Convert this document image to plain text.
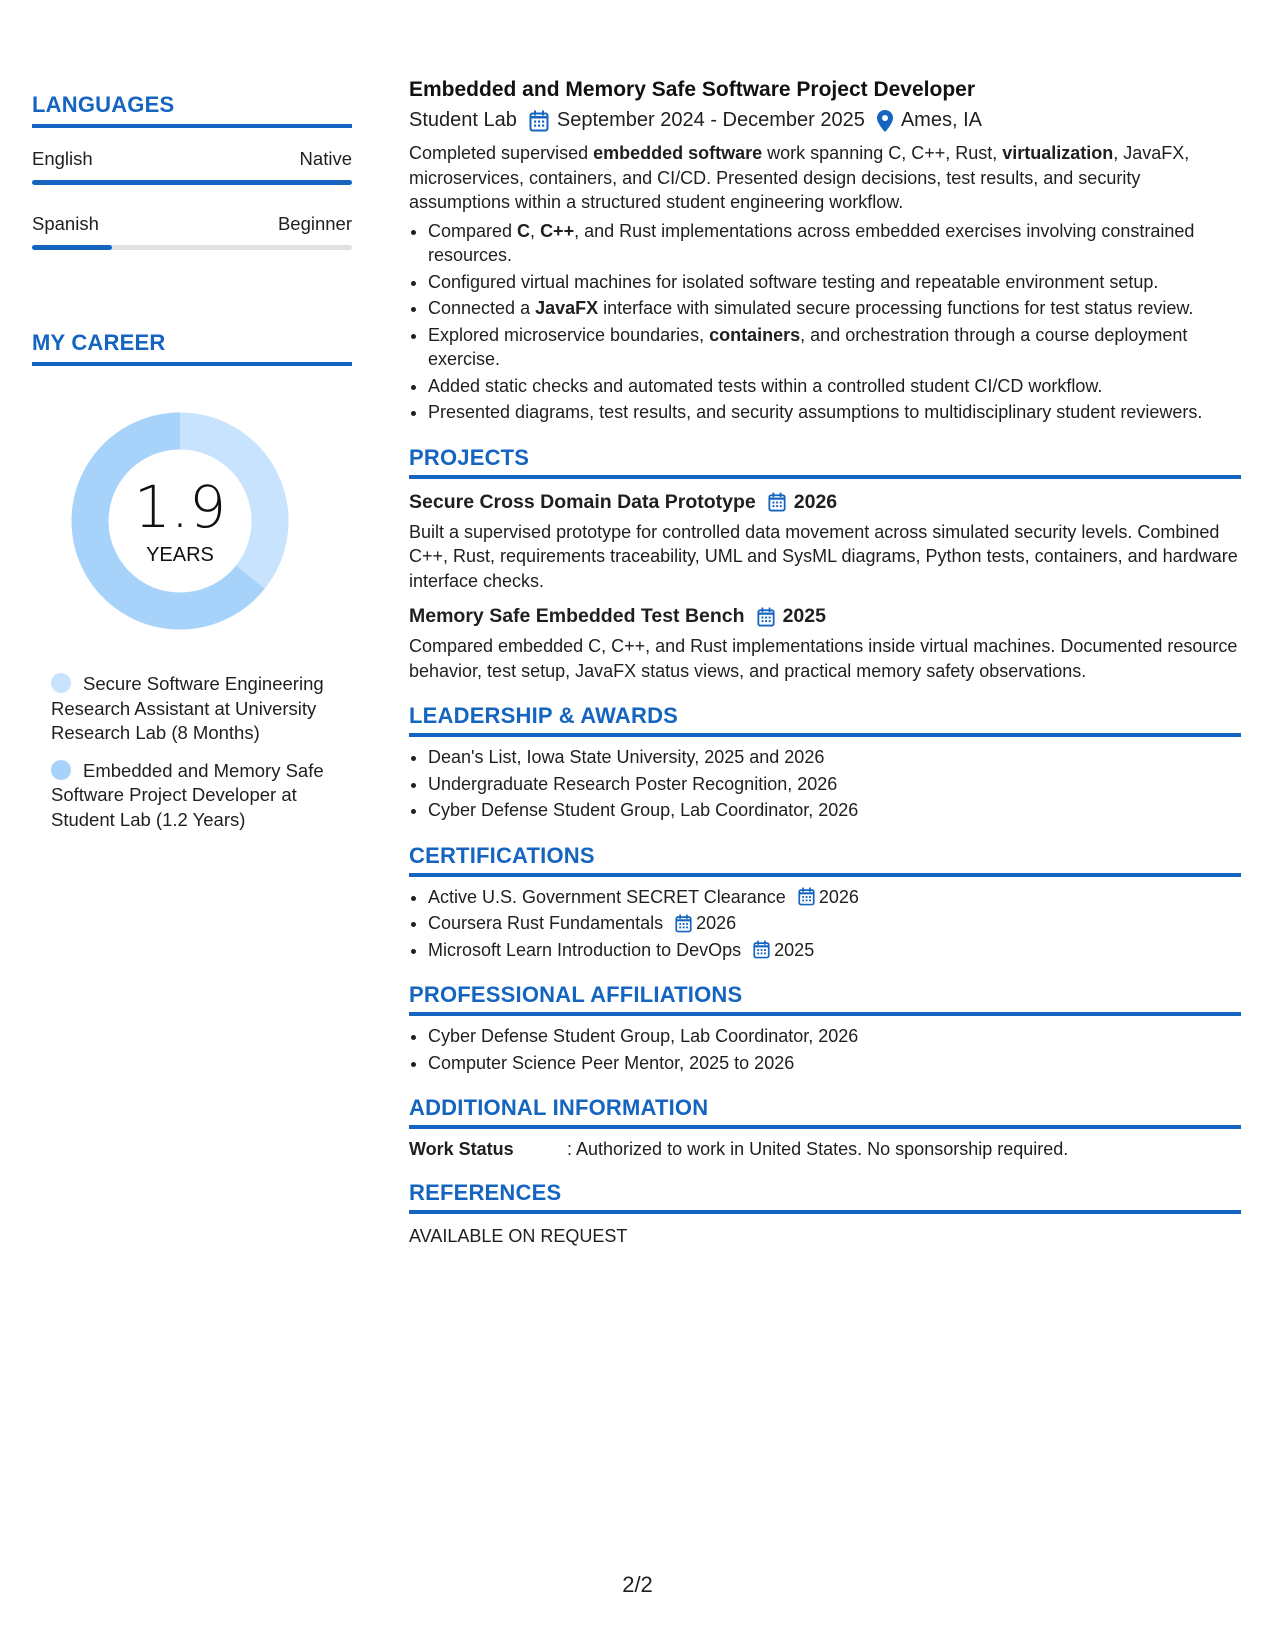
LANGUAGES
English	Native
Spanish	Beginner
MY CAREER
1.9
YEARS
Secure Software Engineering Research Assistant at University Research Lab (8 Months)
Embedded and Memory Safe Software Project Developer at Student Lab (1.2 Years)
Embedded and Memory Safe Software Project Developer
Student Lab September 2024 - December 2025 Ames, IA
Completed supervised embedded software work spanning C, C++, Rust, virtualization, JavaFX, microservices, containers, and CI/CD. Presented design decisions, test results, and security assumptions within a structured student engineering workflow.
• Compared C, C++, and Rust implementations across embedded exercises involving constrained resources.
• Configured virtual machines for isolated software testing and repeatable environment setup.
• Connected a JavaFX interface with simulated secure processing functions for test status review.
• Explored microservice boundaries, containers, and orchestration through a course deployment exercise.
• Added static checks and automated tests within a controlled student CI/CD workflow.
• Presented diagrams, test results, and security assumptions to multidisciplinary student reviewers.
PROJECTS
Secure Cross Domain Data Prototype 2026
Built a supervised prototype for controlled data movement across simulated security levels. Combined C++, Rust, requirements traceability, UML and SysML diagrams, Python tests, containers, and hardware interface checks.
Memory Safe Embedded Test Bench 2025
Compared embedded C, C++, and Rust implementations inside virtual machines. Documented resource behavior, test setup, JavaFX status views, and practical memory safety observations.
LEADERSHIP & AWARDS
• Dean's List, Iowa State University, 2025 and 2026
• Undergraduate Research Poster Recognition, 2026
• Cyber Defense Student Group, Lab Coordinator, 2026
CERTIFICATIONS
• Active U.S. Government SECRET Clearance 2026
• Coursera Rust Fundamentals 2026
• Microsoft Learn Introduction to DevOps 2025
PROFESSIONAL AFFILIATIONS
• Cyber Defense Student Group, Lab Coordinator, 2026
• Computer Science Peer Mentor, 2025 to 2026
ADDITIONAL INFORMATION
Work Status	: Authorized to work in United States. No sponsorship required.
REFERENCES
AVAILABLE ON REQUEST
2/2
